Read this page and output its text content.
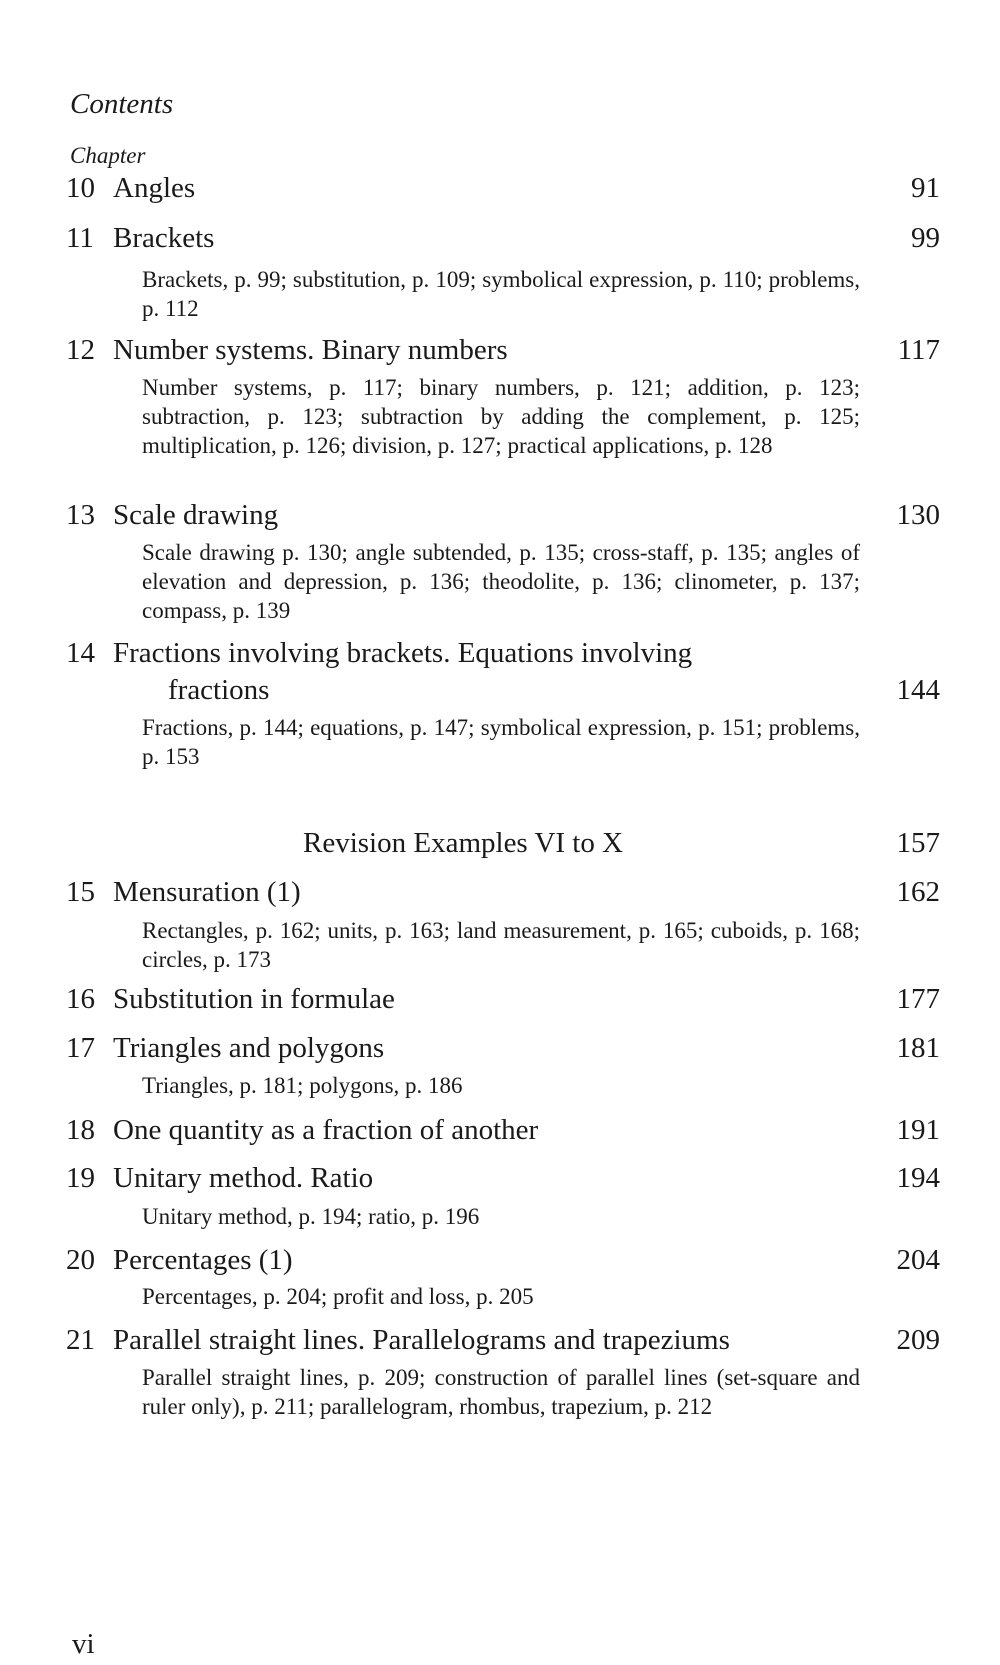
Contents
Chapter
10 Angles	91
11 Brackets	99
Brackets, p. 99; substitution, p. 109; symbolical expression, p. 110; problems, p. 112
12 Number systems. Binary numbers	117
Number systems, p. 117; binary numbers, p. 121; addition, p. 123; subtraction, p. 123; subtraction by adding the complement, p. 125; multiplication, p. 126; division, p. 127; practical applications, p. 128
13 Scale drawing	130
Scale drawing p. 130; angle subtended, p. 135; cross-staff, p. 135; angles of elevation and depression, p. 136; theodolite, p. 136; clinometer, p. 137; compass, p. 139
14 Fractions involving brackets. Equations involving
fractions	144
Fractions, p. 144; equations, p. 147; symbolical expression, p. 151; problems, p. 153
Revision Examples VI to X	157
15 Mensuration (1)	162
Rectangles, p. 162; units, p. 163; land measurement, p. 165; cuboids, p. 168; circles, p. 173
16 Substitution in formulae	177
17 Triangles and polygons	181
Triangles, p. 181; polygons, p. 186
18 One quantity as a fraction of another	191
19 Unitary method. Ratio	194
Unitary method, p. 194; ratio, p. 196
20 Percentages (1)	204
Percentages, p. 204; profit and loss, p. 205
21 Parallel straight lines. Parallelograms and trapeziums	209
Parallel straight lines, p. 209; construction of parallel lines (set-square and ruler only), p. 211; parallelogram, rhombus, trapezium, p. 212
vi
